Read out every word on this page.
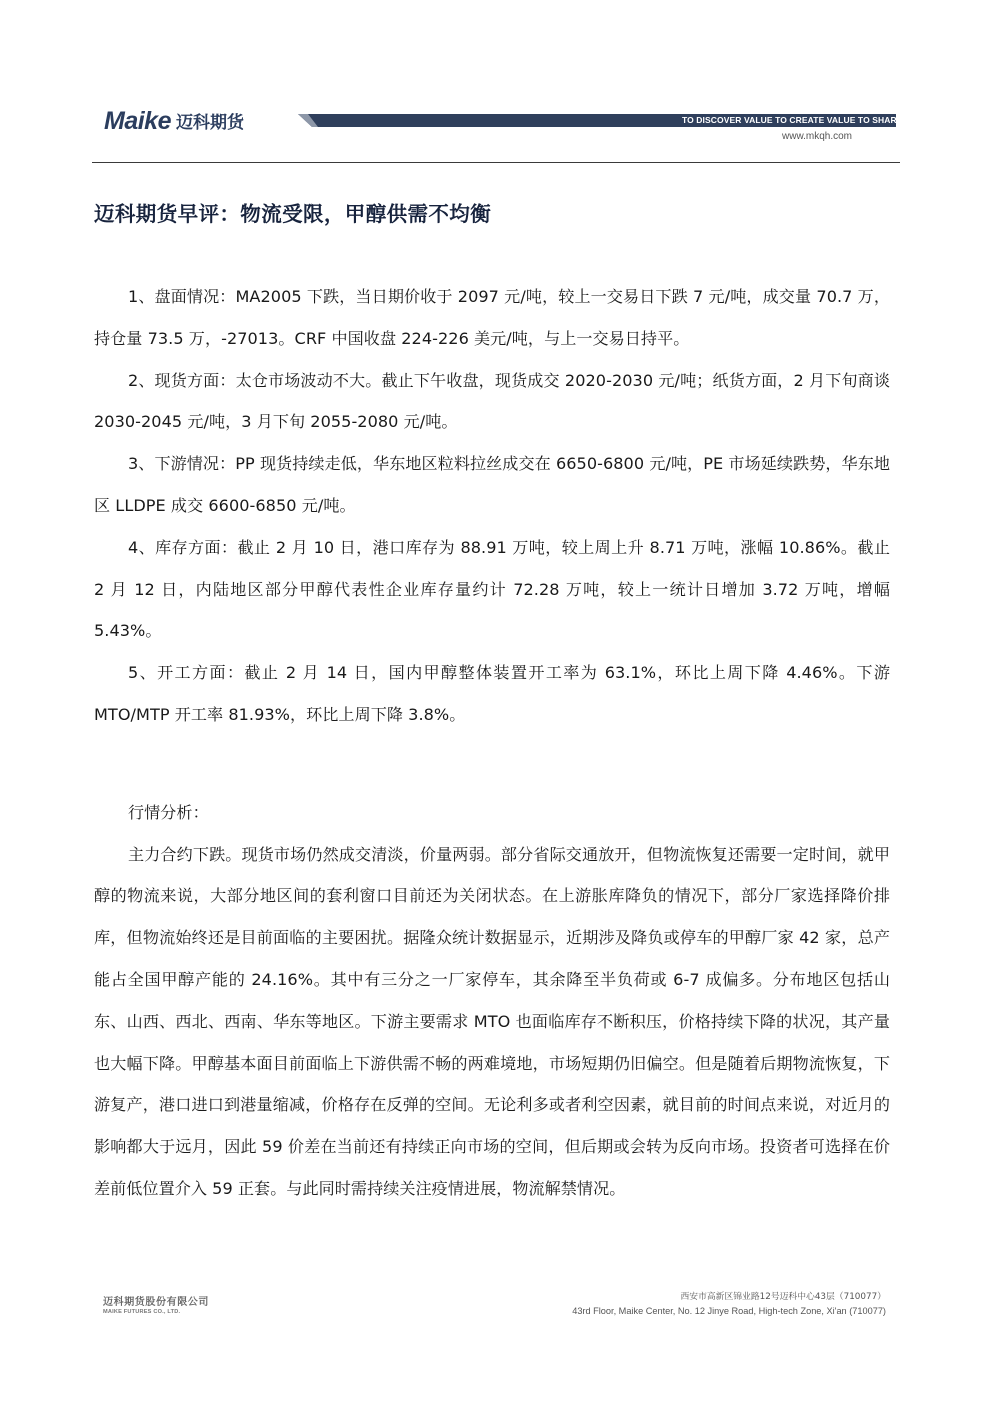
Maike 迈科期货	TO DISCOVER VALUE TO CREATE VALUE TO SHARE VALUE
www.mkqh.com
迈科期货早评：物流受限，甲醇供需不均衡

1、盘面情况：MA2005 下跌，当日期价收于 2097 元/吨，较上一交易日下跌 7 元/吨，成交量 70.7 万，持仓量 73.5 万，-27013。CRF 中国收盘 224-226 美元/吨，与上一交易日持平。

2、现货方面：太仓市场波动不大。截止下午收盘，现货成交 2020-2030 元/吨；纸货方面，2 月下旬商谈 2030-2045 元/吨，3 月下旬 2055-2080 元/吨。

3、下游情况：PP 现货持续走低，华东地区粒料拉丝成交在 6650-6800 元/吨，PE 市场延续跌势，华东地区 LLDPE 成交 6600-6850 元/吨。

4、库存方面：截止 2 月 10 日，港口库存为 88.91 万吨，较上周上升 8.71 万吨，涨幅 10.86%。截止 2 月 12 日，内陆地区部分甲醇代表性企业库存量约计 72.28 万吨，较上一统计日增加 3.72 万吨，增幅 5.43%。

5、开工方面：截止 2 月 14 日，国内甲醇整体装置开工率为 63.1%，环比上周下降 4.46%。下游 MTO/MTP 开工率 81.93%，环比上周下降 3.8%。

行情分析：

主力合约下跌。现货市场仍然成交清淡，价量两弱。部分省际交通放开，但物流恢复还需要一定时间，就甲醇的物流来说，大部分地区间的套利窗口目前还为关闭状态。在上游胀库降负的情况下，部分厂家选择降价排库，但物流始终还是目前面临的主要困扰。据隆众统计数据显示，近期涉及降负或停车的甲醇厂家 42 家，总产能占全国甲醇产能的 24.16%。其中有三分之一厂家停车，其余降至半负荷或 6-7 成偏多。分布地区包括山东、山西、西北、西南、华东等地区。下游主要需求 MTO 也面临库存不断积压，价格持续下降的状况，其产量也大幅下降。甲醇基本面目前面临上下游供需不畅的两难境地，市场短期仍旧偏空。但是随着后期物流恢复，下游复产，港口进口到港量缩减，价格存在反弹的空间。无论利多或者利空因素，就目前的时间点来说，对近月的影响都大于远月，因此 59 价差在当前还有持续正向市场的空间，但后期或会转为反向市场。投资者可选择在价差前低位置介入 59 正套。与此同时需持续关注疫情进展，物流解禁情况。

迈科期货股份有限公司
MAIKE FUTURES CO., LTD.
西安市高新区锦业路12号迈科中心43层（710077）
43rd Floor, Maike Center, No. 12 Jinye Road, High-tech Zone, Xi'an (710077)
